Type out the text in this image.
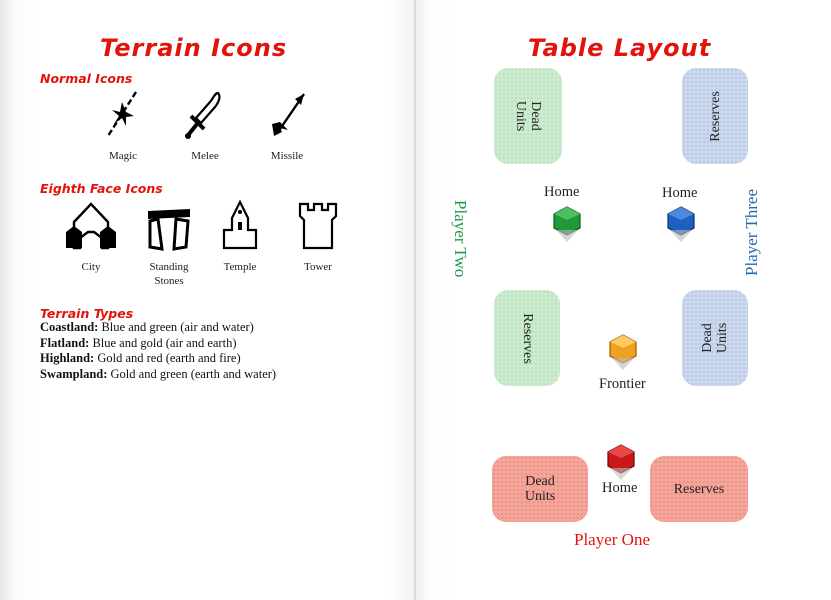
Terrain Icons
Normal Icons
Magic	Melee	Missile
Eighth Face Icons
City	Standing Stones
Temple	Tower
Terrain Types
Coastland: Blue and green (air and water)
Flatland: Blue and gold (air and earth)
Highland: Gold and red (earth and fire)
Swampland: Gold and green (earth and water)
Table Layout
Dead Units	Reserves
Player Two	Player Three
Home	Home
Reserves	Dead Units
Frontier
Dead Units
Home	Reserves
Player One
